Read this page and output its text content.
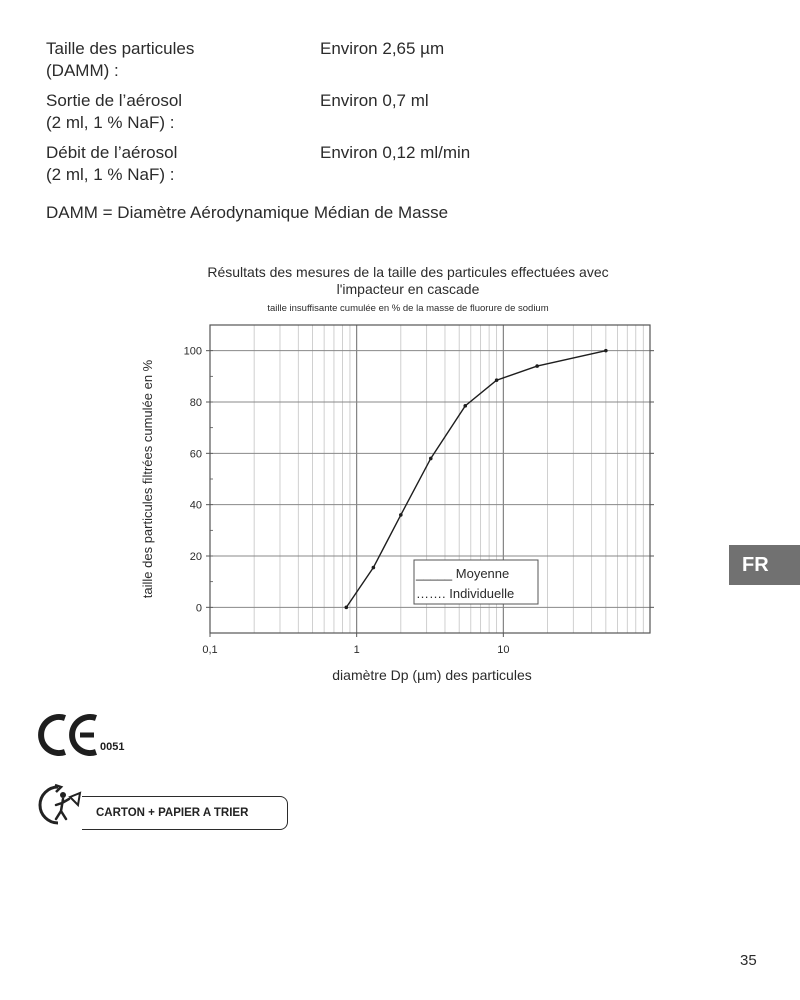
Taille des particules
(DAMM) :
Environ 2,65 µm
Sortie de l’aérosol
(2 ml, 1 % NaF) :
Environ 0,7 ml
Débit de l’aérosol
(2 ml, 1 % NaF) :
Environ 0,12 ml/min
DAMM = Diamètre Aérodynamique Médian de Masse
Résultats des mesures de la taille des particules effectuées avec
l'impacteur en cascade
taille insuffisante cumulée en % de la masse de fluorure de sodium
0
20
40
60
80
100
0,1	1	10
taille des particules filtrées cumulée en %
diamètre Dp (µm) des particules
_____ Moyenne
……. Individuelle
0051
CARTON + PAPIER A TRIER
FR
35
